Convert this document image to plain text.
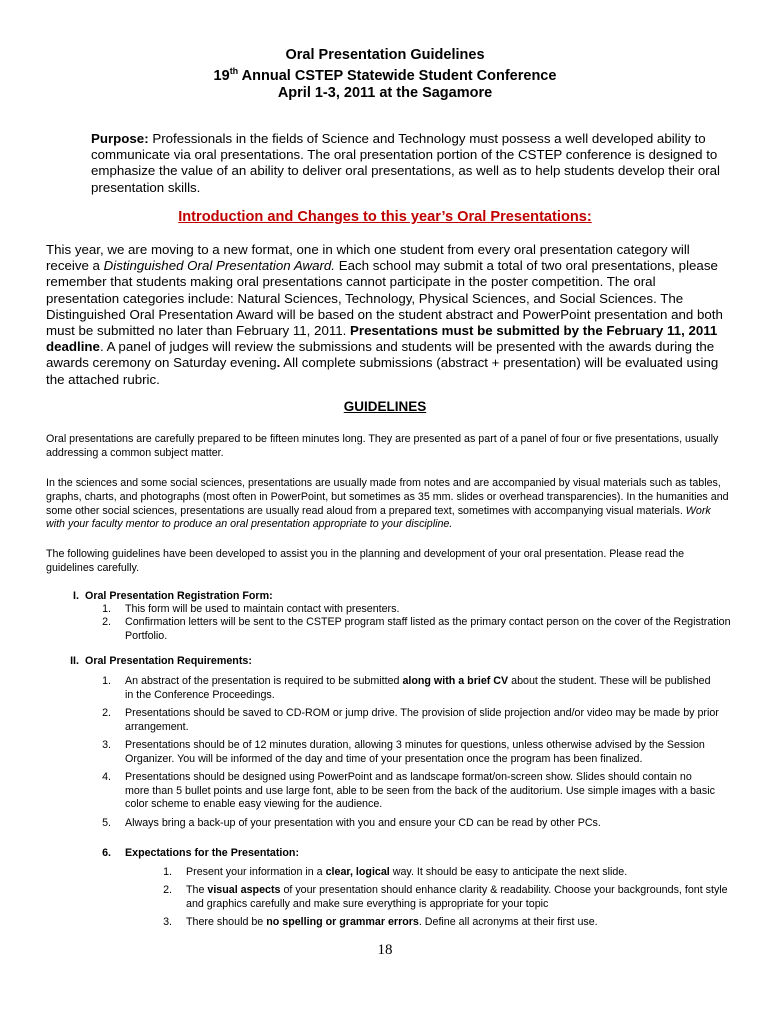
Oral Presentation Guidelines
19th Annual CSTEP Statewide Student Conference
April 1-3, 2011 at the Sagamore
Purpose: Professionals in the fields of Science and Technology must possess a well developed ability to communicate via oral presentations. The oral presentation portion of the CSTEP conference is designed to emphasize the value of an ability to deliver oral presentations, as well as to help students develop their oral presentation skills.
Introduction and Changes to this year’s Oral Presentations:
This year, we are moving to a new format, one in which one student from every oral presentation category will receive a Distinguished Oral Presentation Award. Each school may submit a total of two oral presentations, please remember that students making oral presentations cannot participate in the poster competition. The oral presentation categories include: Natural Sciences, Technology, Physical Sciences, and Social Sciences. The Distinguished Oral Presentation Award will be based on the student abstract and PowerPoint presentation and both must be submitted no later than February 11, 2011. Presentations must be submitted by the February 11, 2011 deadline. A panel of judges will review the submissions and students will be presented with the awards during the awards ceremony on Saturday evening. All complete submissions (abstract + presentation) will be evaluated using the attached rubric.
GUIDELINES
Oral presentations are carefully prepared to be fifteen minutes long. They are presented as part of a panel of four or five presentations, usually addressing a common subject matter.
In the sciences and some social sciences, presentations are usually made from notes and are accompanied by visual materials such as tables, graphs, charts, and photographs (most often in PowerPoint, but sometimes as 35 mm. slides or overhead transparencies). In the humanities and some other social sciences, presentations are usually read aloud from a prepared text, sometimes with accompanying visual materials. Work with your faculty mentor to produce an oral presentation appropriate to your discipline.
The following guidelines have been developed to assist you in the planning and development of your oral presentation. Please read the guidelines carefully.
I. Oral Presentation Registration Form:
1. This form will be used to maintain contact with presenters.
2. Confirmation letters will be sent to the CSTEP program staff listed as the primary contact person on the cover of the Registration Portfolio.
II. Oral Presentation Requirements:
1. An abstract of the presentation is required to be submitted along with a brief CV about the student. These will be published in the Conference Proceedings.
2. Presentations should be saved to CD-ROM or jump drive. The provision of slide projection and/or video may be made by prior arrangement.
3. Presentations should be of 12 minutes duration, allowing 3 minutes for questions, unless otherwise advised by the Session Organizer. You will be informed of the day and time of your presentation once the program has been finalized.
4. Presentations should be designed using PowerPoint and as landscape format/on-screen show. Slides should contain no more than 5 bullet points and use large font, able to be seen from the back of the auditorium. Use simple images with a basic color scheme to enable easy viewing for the audience.
5. Always bring a back-up of your presentation with you and ensure your CD can be read by other PCs.
6. Expectations for the Presentation:
1. Present your information in a clear, logical way. It should be easy to anticipate the next slide.
2. The visual aspects of your presentation should enhance clarity & readability. Choose your backgrounds, font style and graphics carefully and make sure everything is appropriate for your topic
3. There should be no spelling or grammar errors. Define all acronyms at their first use.
18
